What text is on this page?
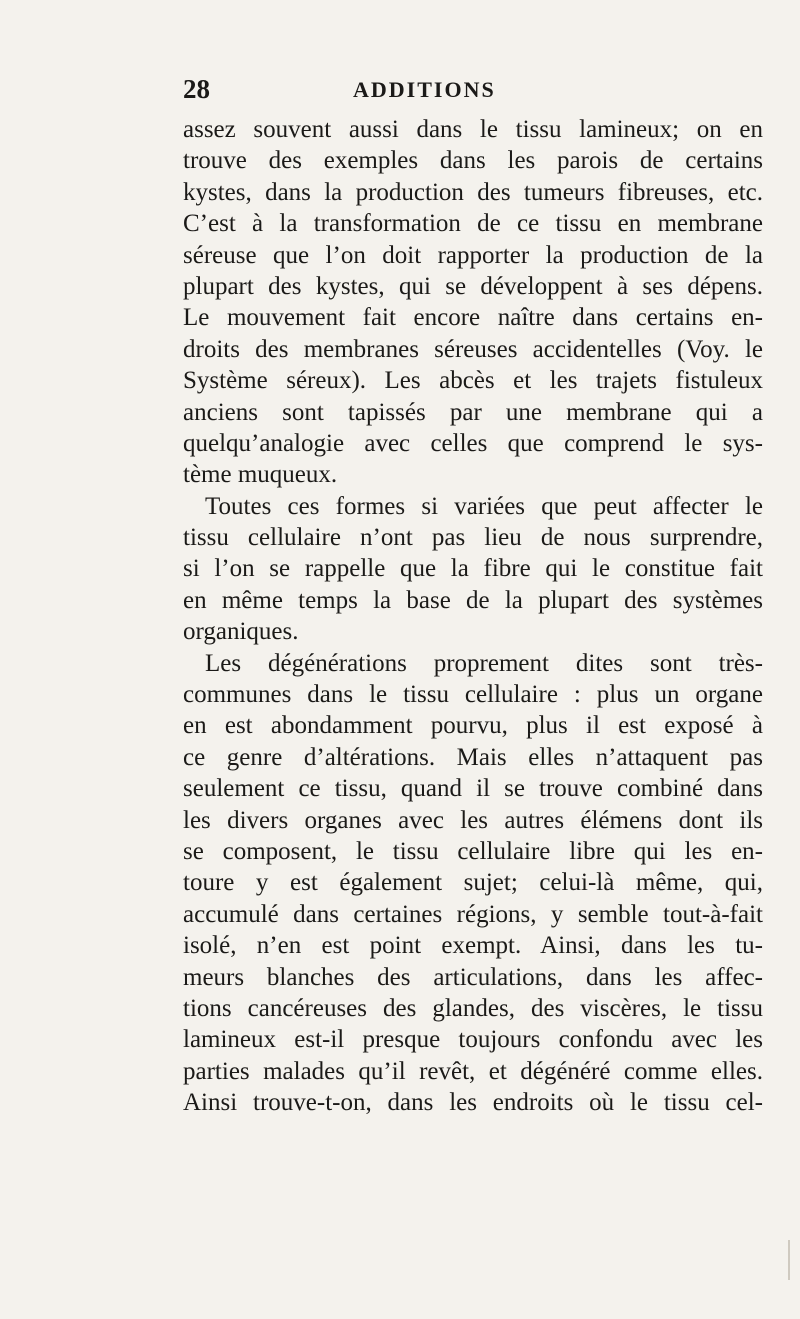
28	ADDITIONS
assez souvent aussi dans le tissu lamineux; on en
trouve des exemples dans les parois de certains
kystes, dans la production des tumeurs fibreuses, etc.
C’est à la transformation de ce tissu en membrane
séreuse que l’on doit rapporter la production de la
plupart des kystes, qui se développent à ses dépens.
Le mouvement fait encore naître dans certains en-
droits des membranes séreuses accidentelles (Voy. le
Système séreux). Les abcès et les trajets fistuleux
anciens sont tapissés par une membrane qui a
quelqu’analogie avec celles que comprend le sys-
tème muqueux.
Toutes ces formes si variées que peut affecter le
tissu cellulaire n’ont pas lieu de nous surprendre,
si l’on se rappelle que la fibre qui le constitue fait
en même temps la base de la plupart des systèmes
organiques.
Les dégénérations proprement dites sont très-
communes dans le tissu cellulaire : plus un organe
en est abondamment pourvu, plus il est exposé à
ce genre d’altérations. Mais elles n’attaquent pas
seulement ce tissu, quand il se trouve combiné dans
les divers organes avec les autres élémens dont ils
se composent, le tissu cellulaire libre qui les en-
toure y est également sujet; celui-là même, qui,
accumulé dans certaines régions, y semble tout-à-fait
isolé, n’en est point exempt. Ainsi, dans les tu-
meurs blanches des articulations, dans les affec-
tions cancéreuses des glandes, des viscères, le tissu
lamineux est-il presque toujours confondu avec les
parties malades qu’il revêt, et dégénéré comme elles.
Ainsi trouve-t-on, dans les endroits où le tissu cel-
